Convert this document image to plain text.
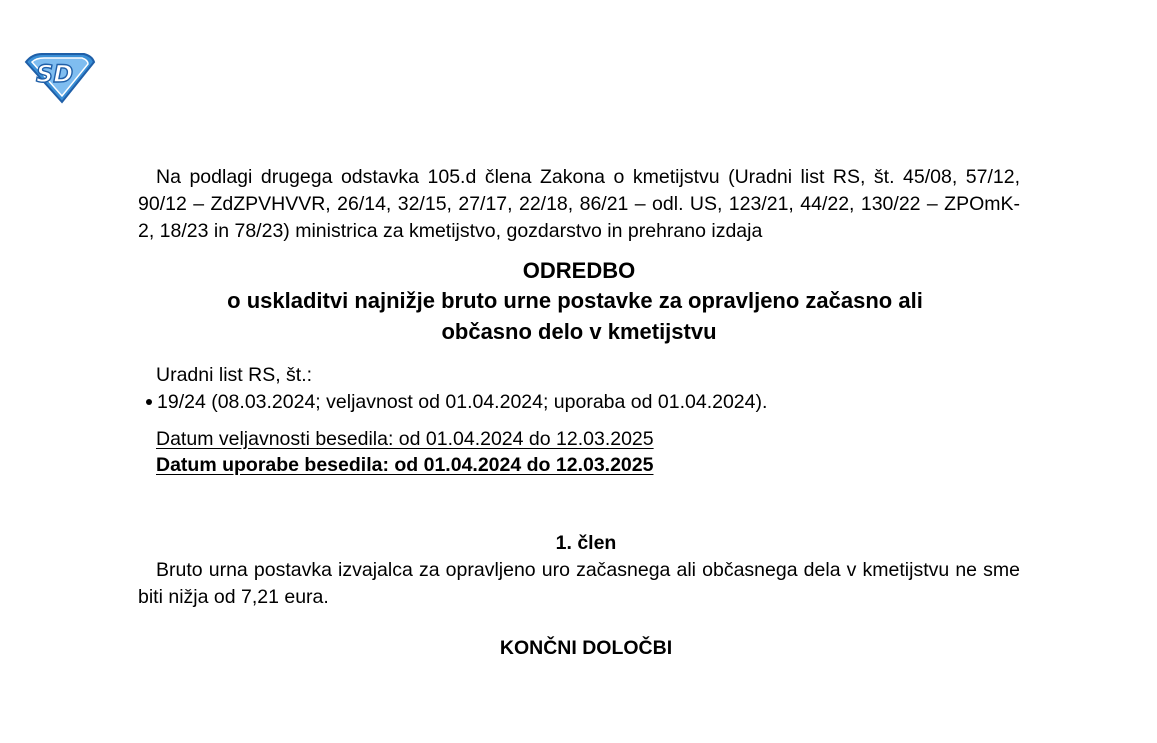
SD

Na podlagi drugega odstavka 105.d člena Zakona o kmetijstvu (Uradni list RS, št. 45/08, 57/12, 90/12 – ZdZPVHVVR, 26/14, 32/15, 27/17, 22/18, 86/21 – odl. US, 123/21, 44/22, 130/22 – ZPOmK-2, 18/23 in 78/23) ministrica za kmetijstvo, gozdarstvo in prehrano izdaja

ODREDBO
o uskladitvi najnižje bruto urne postavke za opravljeno začasno ali
občasno delo v kmetijstvu
Uradni list RS, št.:
19/24 (08.03.2024; veljavnost od 01.04.2024; uporaba od 01.04.2024).
Datum veljavnosti besedila: od 01.04.2024 do 12.03.2025
Datum uporabe besedila: od 01.04.2024 do 12.03.2025
1. člen

Bruto urna postavka izvajalca za opravljeno uro začasnega ali občasnega dela v kmetijstvu ne sme biti nižja od 7,21 eura.

KONČNI DOLOČBI
